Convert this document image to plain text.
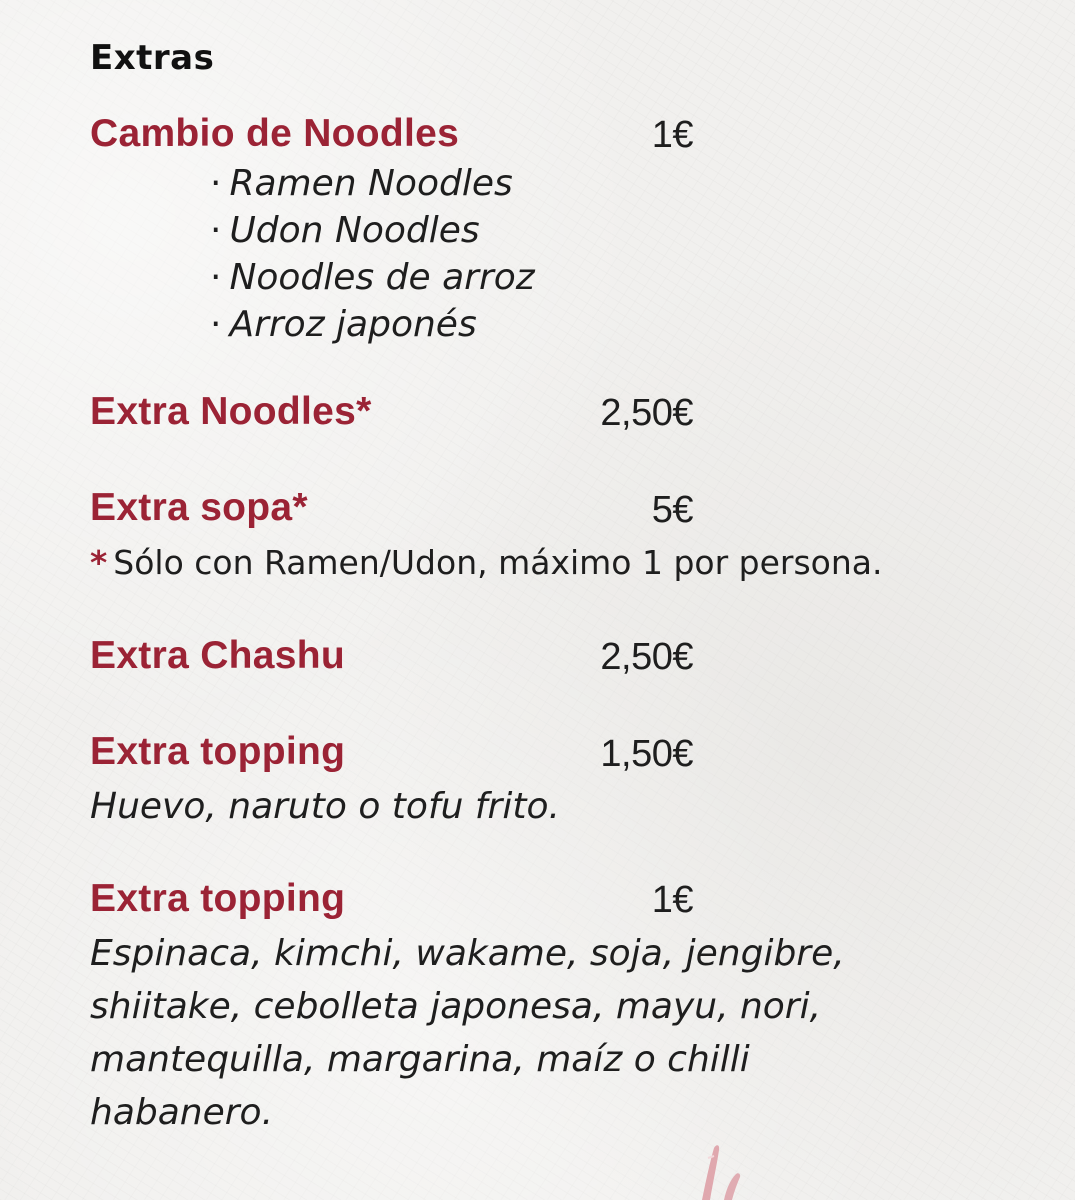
Extras
Cambio de Noodles	1€
· Ramen Noodles
· Udon Noodles
· Noodles de arroz
· Arroz japonés
Extra Noodles*	2,50€
Extra sopa*	5€
* Sólo con Ramen/Udon, máximo 1 por persona.
Extra Chashu	2,50€
Extra topping	1,50€
Huevo, naruto o tofu frito.
Extra topping	1€
Espinaca, kimchi, wakame, soja, jengibre,
shiitake, cebolleta japonesa, mayu, nori,
mantequilla, margarina, maíz o chilli
habanero.
